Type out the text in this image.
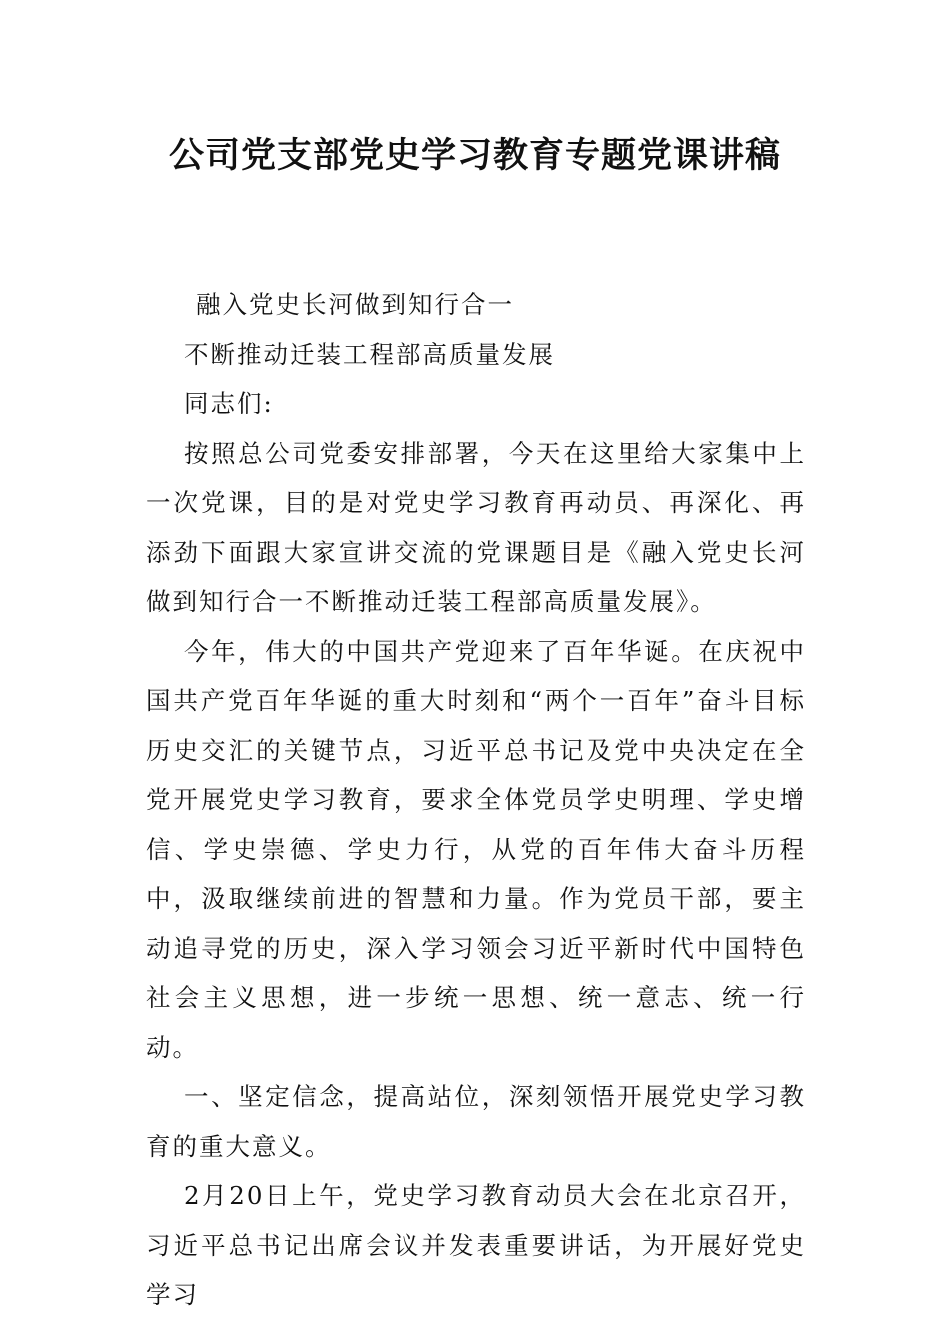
公司党支部党史学习教育专题党课讲稿

融入党史长河做到知行合一

不断推动迁装工程部高质量发展

同志们:

按照总公司党委安排部署，今天在这里给大家集中上一次党课，目的是对党史学习教育再动员、再深化、再添劲下面跟大家宣讲交流的党课题目是《融入党史长河做到知行合一不断推动迁装工程部高质量发展》。

今年，伟大的中国共产党迎来了百年华诞。在庆祝中国共产党百年华诞的重大时刻和“两个一百年”奋斗目标历史交汇的关键节点，习近平总书记及党中央决定在全党开展党史学习教育，要求全体党员学史明理、学史增信、学史崇德、学史力行，从党的百年伟大奋斗历程中，汲取继续前进的智慧和力量。作为党员干部，要主动追寻党的历史，深入学习领会习近平新时代中国特色社会主义思想，进一步统一思想、统一意志、统一行动。

一、坚定信念，提高站位，深刻领悟开展党史学习教育的重大意义。

2月20日上午，党史学习教育动员大会在北京召开，习近平总书记出席会议并发表重要讲话，为开展好党史学习
